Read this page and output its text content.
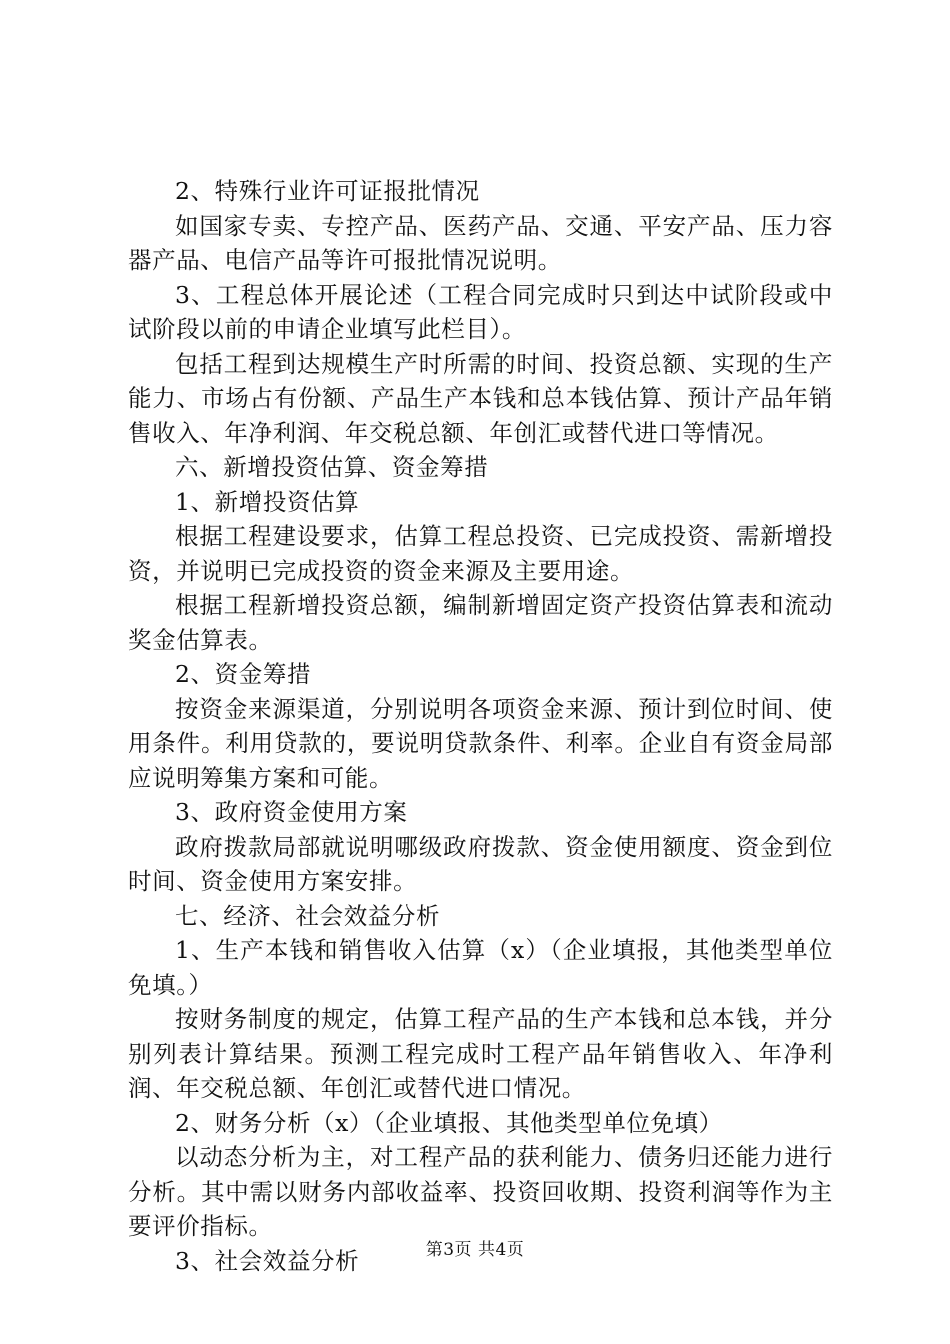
2、特殊行业许可证报批情况

如国家专卖、专控产品、医药产品、交通、平安产品、压力容器产品、电信产品等许可报批情况说明。

3、工程总体开展论述（工程合同完成时只到达中试阶段或中试阶段以前的申请企业填写此栏目）。

包括工程到达规模生产时所需的时间、投资总额、实现的生产能力、市场占有份额、产品生产本钱和总本钱估算、预计产品年销售收入、年净利润、年交税总额、年创汇或替代进口等情况。

六、新增投资估算、资金筹措

1、新增投资估算

根据工程建设要求，估算工程总投资、已完成投资、需新增投资，并说明已完成投资的资金来源及主要用途。

根据工程新增投资总额，编制新增固定资产投资估算表和流动奖金估算表。

2、资金筹措

按资金来源渠道，分别说明各项资金来源、预计到位时间、使用条件。利用贷款的，要说明贷款条件、利率。企业自有资金局部应说明筹集方案和可能。

3、政府资金使用方案

政府拨款局部就说明哪级政府拨款、资金使用额度、资金到位时间、资金使用方案安排。

七、经济、社会效益分析

1、生产本钱和销售收入估算（x）（企业填报，其他类型单位免填。）

按财务制度的规定，估算工程产品的生产本钱和总本钱，并分别列表计算结果。预测工程完成时工程产品年销售收入、年净利润、年交税总额、年创汇或替代进口情况。

2、财务分析（x）（企业填报、其他类型单位免填）

以动态分析为主，对工程产品的获利能力、债务归还能力进行分析。其中需以财务内部收益率、投资回收期、投资利润等作为主要评价指标。

3、社会效益分析	第3页 共4页
